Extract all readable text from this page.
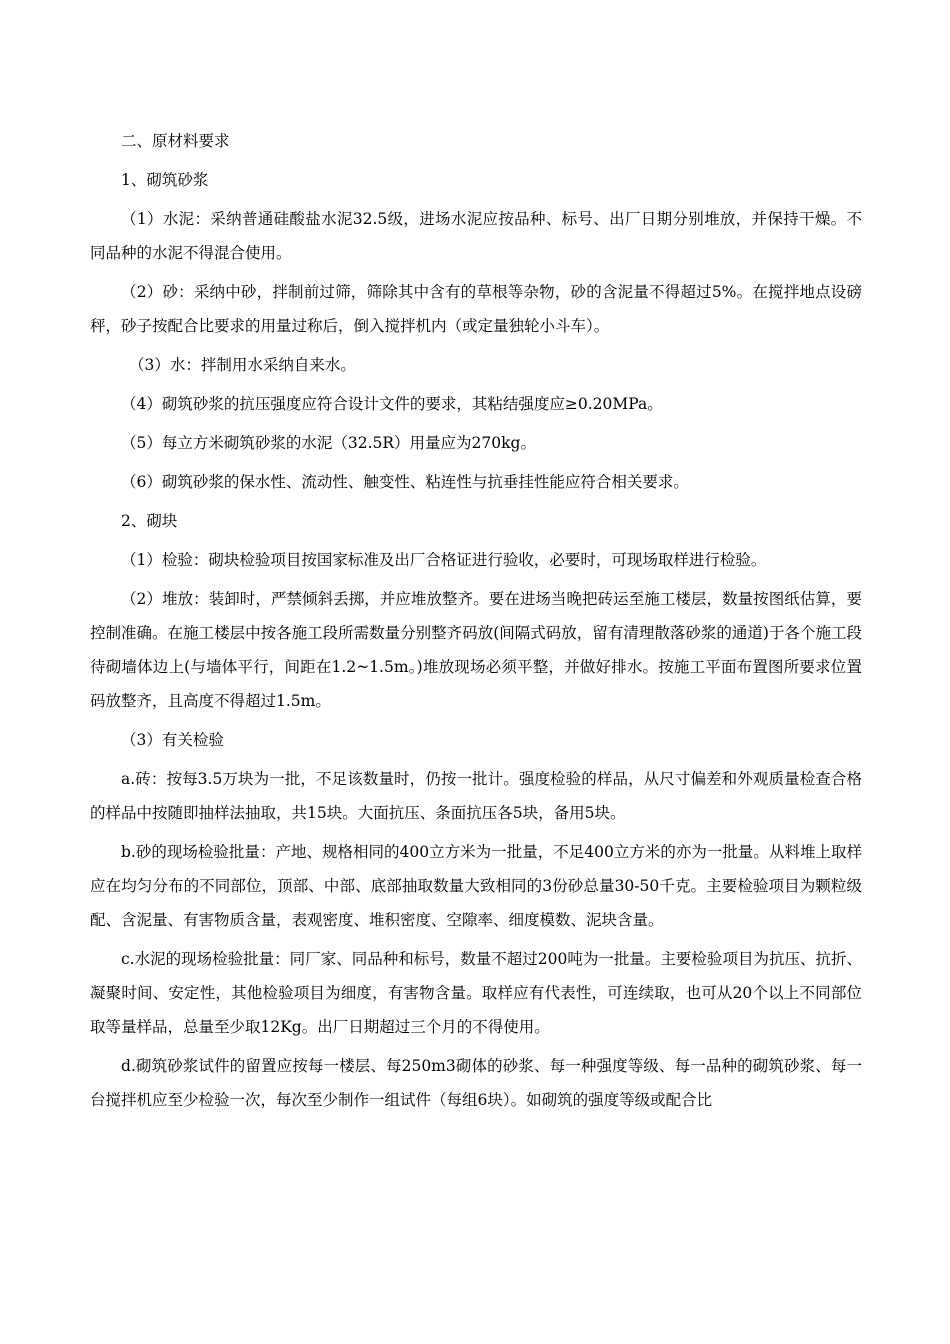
二、原材料要求

1、砌筑砂浆

（1）水泥：采纳普通硅酸盐水泥32.5级，进场水泥应按品种、标号、出厂日期分别堆放，并保持干燥。不同品种的水泥不得混合使用。

（2）砂：采纳中砂，拌制前过筛，筛除其中含有的草根等杂物，砂的含泥量不得超过5%。在搅拌地点设磅秤，砂子按配合比要求的用量过称后，倒入搅拌机内（或定量独轮小斗车）。

（3）水：拌制用水采纳自来水。

（4）砌筑砂浆的抗压强度应符合设计文件的要求，其粘结强度应≥0.20MPa。

（5）每立方米砌筑砂浆的水泥（32.5R）用量应为270kg。

（6）砌筑砂浆的保水性、流动性、触变性、粘连性与抗垂挂性能应符合相关要求。

2、砌块

（1）检验：砌块检验项目按国家标准及出厂合格证进行验收，必要时，可现场取样进行检验。

（2）堆放：装卸时，严禁倾斜丢掷，并应堆放整齐。要在进场当晚把砖运至施工楼层，数量按图纸估算，要控制准确。在施工楼层中按各施工段所需数量分别整齐码放(间隔式码放，留有清理散落砂浆的通道)于各个施工段待砌墙体边上(与墙体平行，间距在1.2~1.5m。)堆放现场必须平整，并做好排水。按施工平面布置图所要求位置码放整齐，且高度不得超过1.5m。

（3）有关检验

a.砖：按每3.5万块为一批，不足该数量时，仍按一批计。强度检验的样品，从尺寸偏差和外观质量检查合格的样品中按随即抽样法抽取，共15块。大面抗压、条面抗压各5块，备用5块。

b.砂的现场检验批量：产地、规格相同的400立方米为一批量，不足400立方米的亦为一批量。从料堆上取样应在均匀分布的不同部位，顶部、中部、底部抽取数量大致相同的3份砂总量30-50千克。主要检验项目为颗粒级配、含泥量、有害物质含量，表观密度、堆积密度、空隙率、细度模数、泥块含量。

c.水泥的现场检验批量：同厂家、同品种和标号，数量不超过200吨为一批量。主要检验项目为抗压、抗折、凝聚时间、安定性，其他检验项目为细度，有害物含量。取样应有代表性，可连续取，也可从20个以上不同部位取等量样品，总量至少取12Kg。出厂日期超过三个月的不得使用。

d.砌筑砂浆试件的留置应按每一楼层、每250m3砌体的砂浆、每一种强度等级、每一品种的砌筑砂浆、每一台搅拌机应至少检验一次，每次至少制作一组试件（每组6块）。如砌筑的强度等级或配合比
